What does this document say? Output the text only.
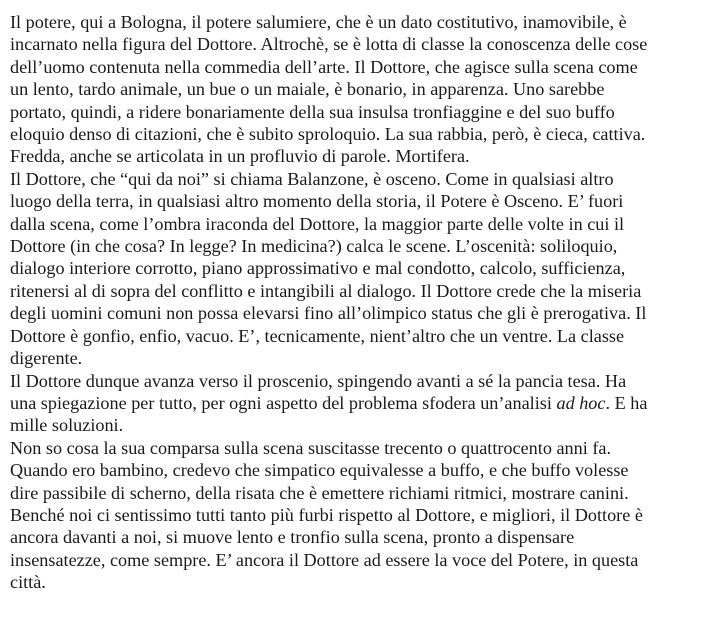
Il potere, qui a Bologna, il potere salumiere, che è un dato costitutivo, inamovibile, è
incarnato nella figura del Dottore. Altrochè, se è lotta di classe la conoscenza delle cose
dell’uomo contenuta nella commedia dell’arte. Il Dottore, che agisce sulla scena come
un lento, tardo animale, un bue o un maiale, è bonario, in apparenza. Uno sarebbe
portato, quindi, a ridere bonariamente della sua insulsa tronfiaggine e del suo buffo
eloquio denso di citazioni, che è subito sproloquio. La sua rabbia, però, è cieca, cattiva.
Fredda, anche se articolata in un profluvio di parole. Mortifera.

Il Dottore, che “qui da noi” si chiama Balanzone, è osceno. Come in qualsiasi altro
luogo della terra, in qualsiasi altro momento della storia, il Potere è Osceno. E’ fuori
dalla scena, come l’ombra iraconda del Dottore, la maggior parte delle volte in cui il
Dottore (in che cosa? In legge? In medicina?) calca le scene. L’oscenità: soliloquio,
dialogo interiore corrotto, piano approssimativo e mal condotto, calcolo, sufficienza,
ritenersi al di sopra del conflitto e intangibili al dialogo. Il Dottore crede che la miseria
degli uomini comuni non possa elevarsi fino all’olimpico status che gli è prerogativa. Il
Dottore è gonfio, enfio, vacuo. E’, tecnicamente, nient’altro che un ventre. La classe
digerente.

Il Dottore dunque avanza verso il proscenio, spingendo avanti a sé la pancia tesa. Ha
una spiegazione per tutto, per ogni aspetto del problema sfodera un’analisi ad hoc. E ha
mille soluzioni.

Non so cosa la sua comparsa sulla scena suscitasse trecento o quattrocento anni fa.
Quando ero bambino, credevo che simpatico equivalesse a buffo, e che buffo volesse
dire passibile di scherno, della risata che è emettere richiami ritmici, mostrare canini.
Benché noi ci sentissimo tutti tanto più furbi rispetto al Dottore, e migliori, il Dottore è
ancora davanti a noi, si muove lento e tronfio sulla scena, pronto a dispensare
insensatezze, come sempre. E’ ancora il Dottore ad essere la voce del Potere, in questa
città.
